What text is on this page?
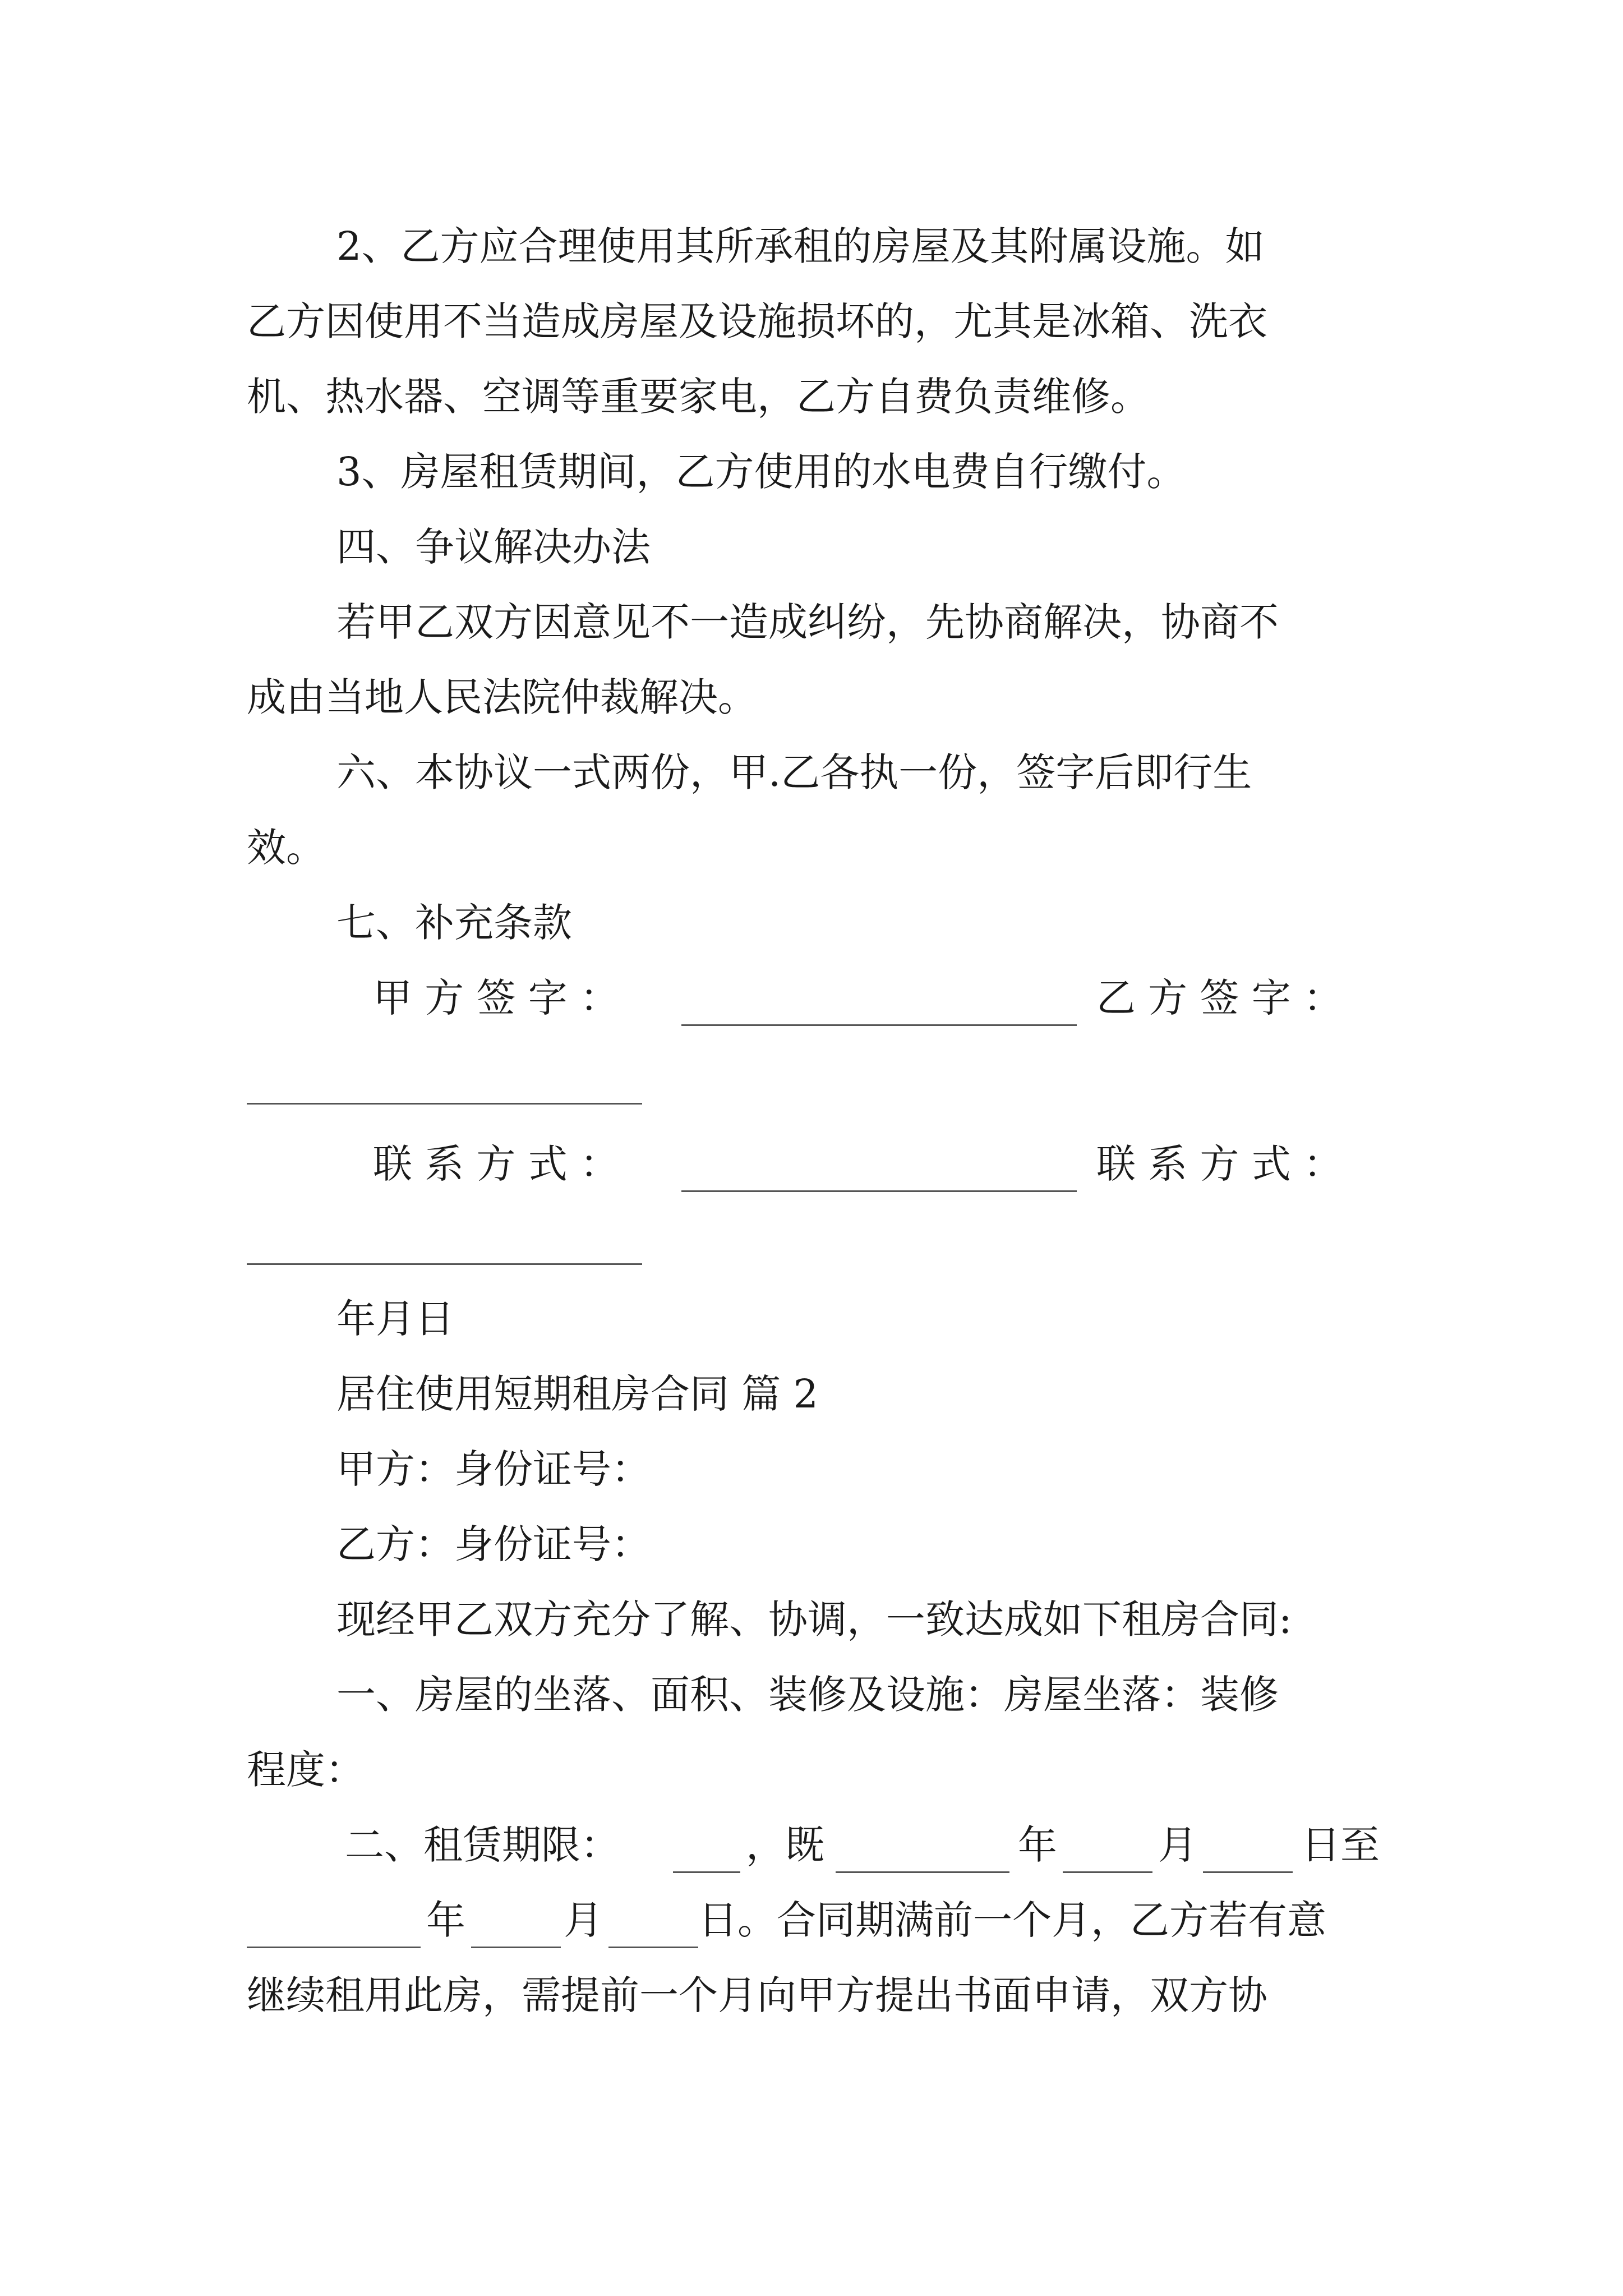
2、乙方应合理使用其所承租的房屋及其附属设施。如
乙方因使用不当造成房屋及设施损坏的，尤其是冰箱、洗衣
机、热水器、空调等重要家电，乙方自费负责维修。
3、房屋租赁期间，乙方使用的水电费自行缴付。
四、争议解决办法
若甲乙双方因意见不一造成纠纷，先协商解决，协商不
成由当地人民法院仲裁解决。
六、本协议一式两份，甲.乙各执一份，签字后即行生
效。
七、补充条款
甲 方 签 字 ：	乙 方 签 字 ：
联 系 方 式 ：	联 系 方 式 ：
年月日
居住使用短期租房合同 篇 2
甲方：身份证号：
乙方：身份证号：
现经甲乙双方充分了解、协调，一致达成如下租房合同:
一、房屋的坐落、面积、装修及设施：房屋坐落：装修
程度：
二、租赁期限：	，既	年	月	日至
年	月 日。合同期满前一个月，乙方若有意
继续租用此房，需提前一个月向甲方提出书面申请，双方协
